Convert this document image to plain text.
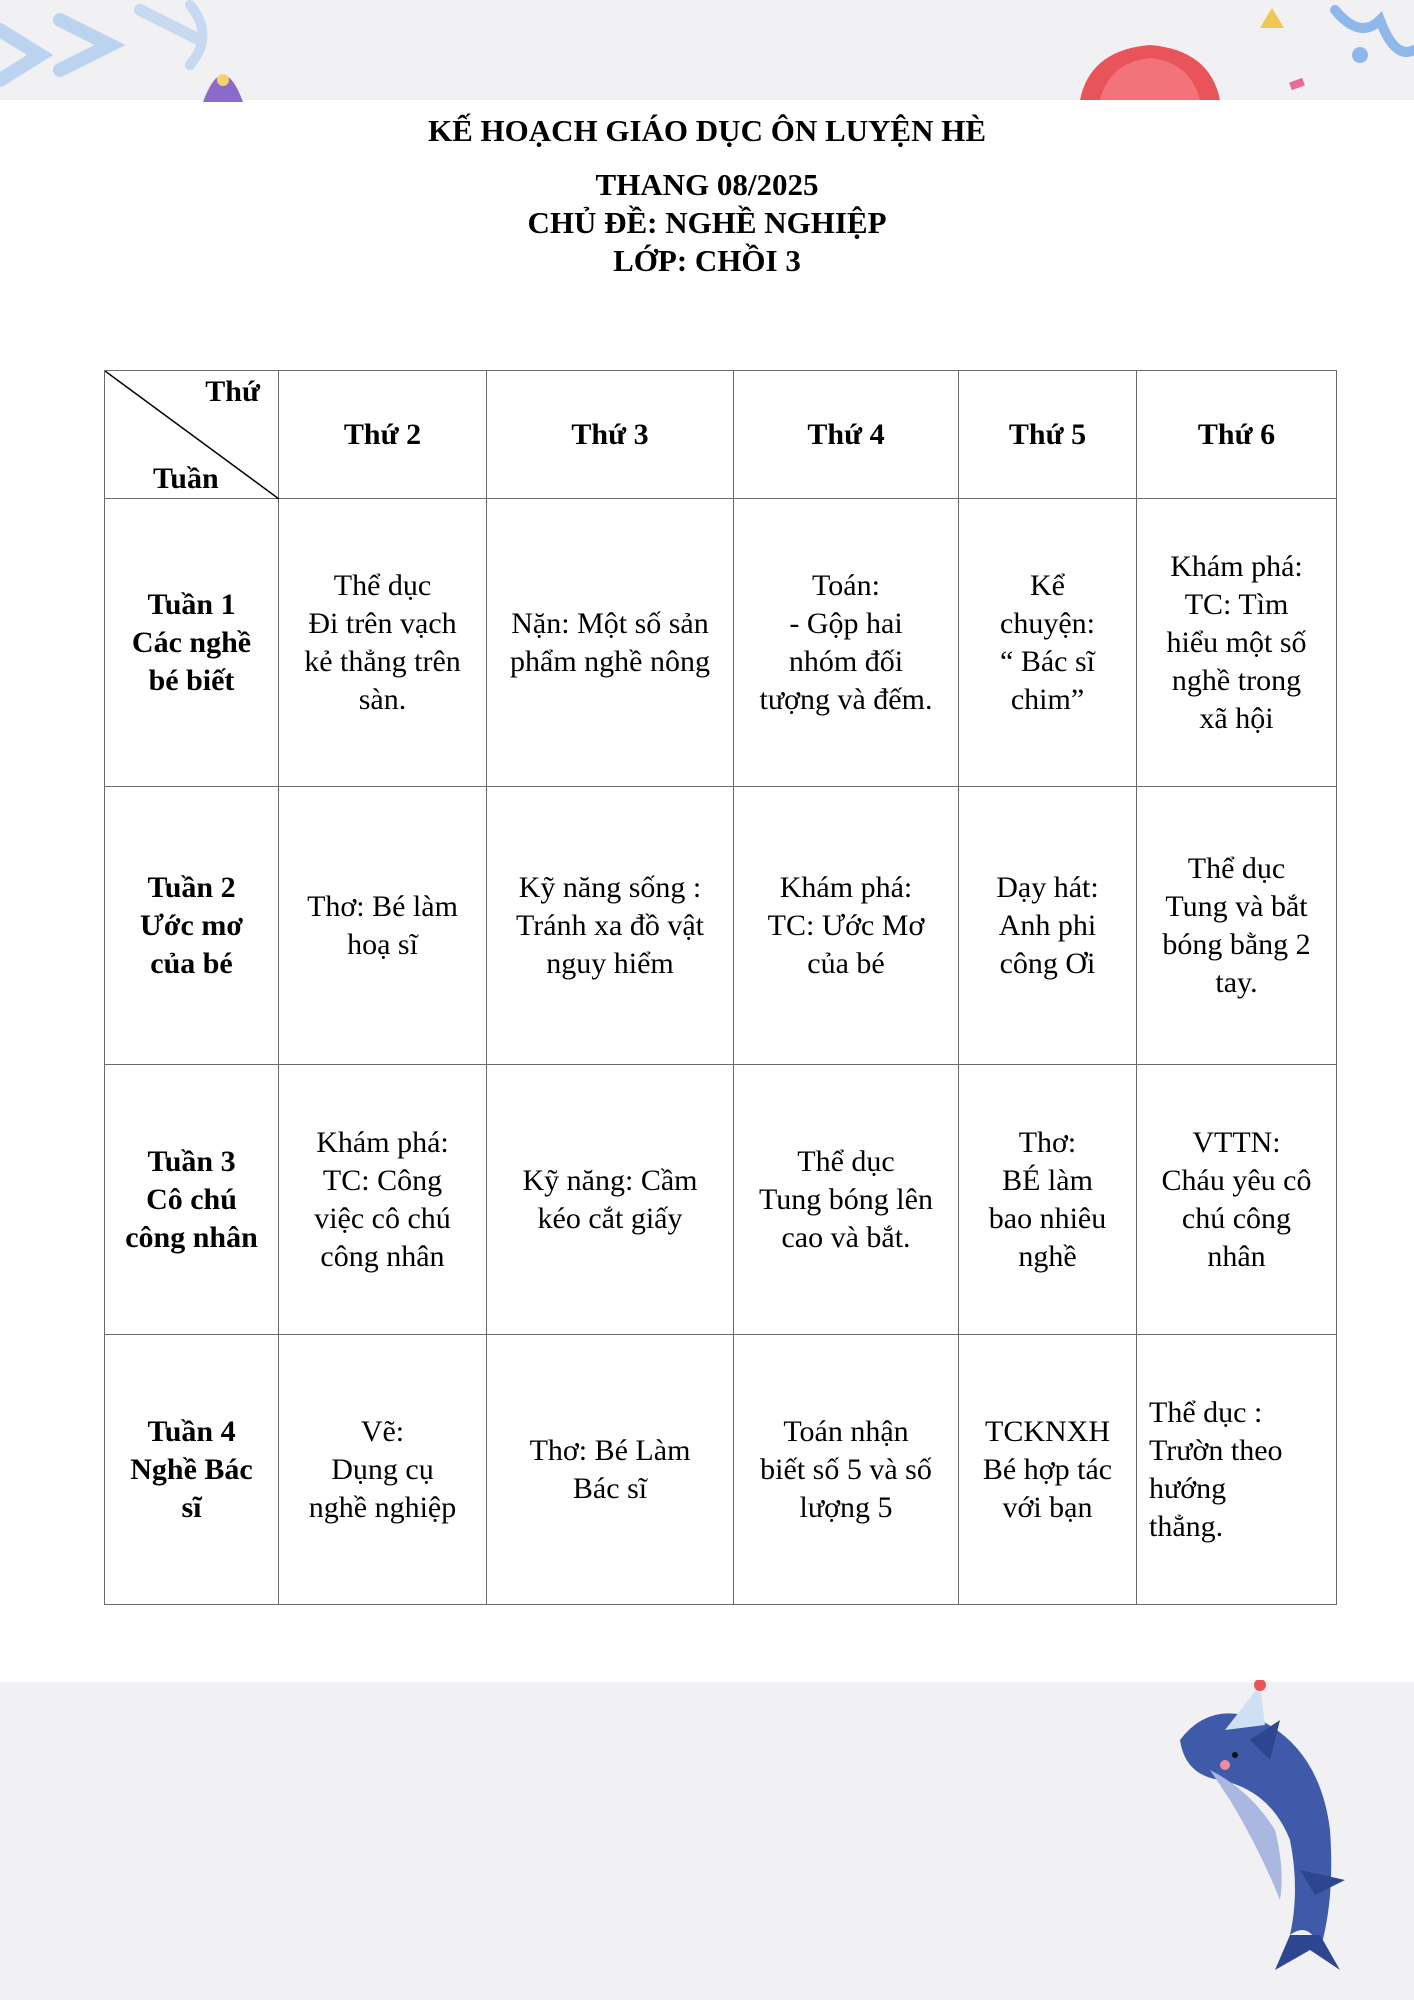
KẾ HOẠCH GIÁO DỤC ÔN LUYỆN HÈ
THANG 08/2025
CHỦ ĐỀ: NGHỀ NGHIỆP
LỚP: CHỒI 3
Thứ
Tuần	Thứ 2	Thứ 3	Thứ 4	Thứ 5	Thứ 6

Tuần 1
Các nghề
bé biết	Thể dục
Đi trên vạch
kẻ thẳng trên
sàn.	Nặn: Một số sản
phẩm nghề nông	Toán:
- Gộp hai
nhóm đối
tượng và đếm.	Kể
chuyện:
“ Bác sĩ
chim”	Khám phá:
TC: Tìm
hiểu một số
nghề trong
xã hội

Tuần 2
Ước mơ
của bé	Thơ: Bé làm
hoạ sĩ	Kỹ năng sống :
Tránh xa đồ vật
nguy hiểm	Khám phá:
TC: Ước Mơ
của bé	Dạy hát:
Anh phi
công Ơi	Thể dục
Tung và bắt
bóng bằng 2
tay.

Tuần 3
Cô chú
công nhân	Khám phá:
TC: Công
việc cô chú
công nhân	Kỹ năng: Cầm
kéo cắt giấy	Thể dục
Tung bóng lên
cao và bắt.	Thơ:
BÉ làm
bao nhiêu
nghề	VTTN:
Cháu yêu cô
chú công
nhân

Tuần 4
Nghề Bác
sĩ	Vẽ:
Dụng cụ
nghề nghiệp	Thơ: Bé Làm
Bác sĩ	Toán nhận
biết số 5 và số
lượng 5	TCKNXH
Bé hợp tác
với bạn	Thể dục :
Trườn theo
hướng
thẳng.
